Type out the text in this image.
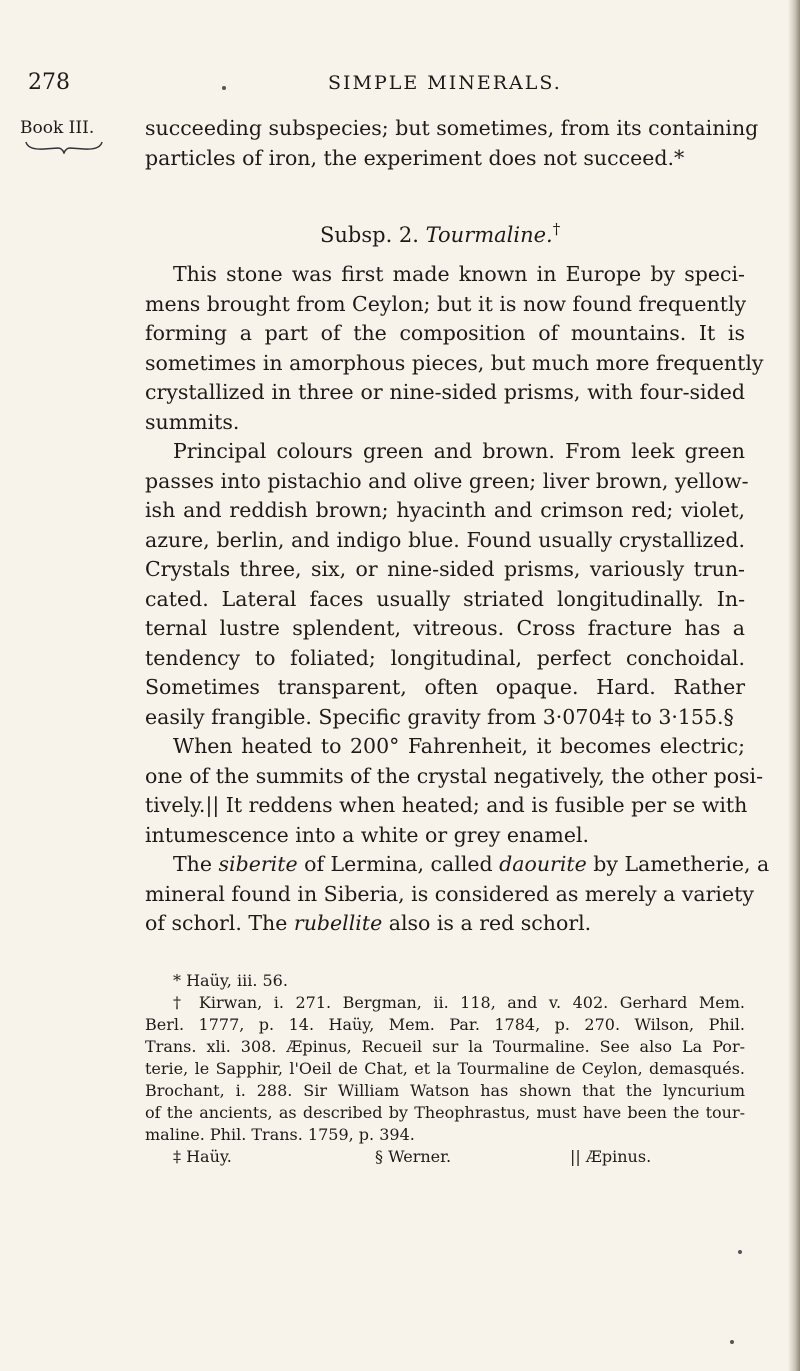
278	SIMPLE MINERALS.
Book III. succeeding subspecies; but sometimes, from its containing
particles of iron, the experiment does not succeed.*
Subsp. 2. Tourmaline.†
This stone was first made known in Europe by speci-
mens brought from Ceylon; but it is now found frequently
forming a part of the composition of mountains. It is
sometimes in amorphous pieces, but much more frequently
crystallized in three or nine-sided prisms, with four-sided
summits.
Principal colours green and brown. From leek green
passes into pistachio and olive green; liver brown, yellow-
ish and reddish brown; hyacinth and crimson red; violet,
azure, berlin, and indigo blue. Found usually crystallized.
Crystals three, six, or nine-sided prisms, variously trun-
cated. Lateral faces usually striated longitudinally. In-
ternal lustre splendent, vitreous. Cross fracture has a
tendency to foliated; longitudinal, perfect conchoidal.
Sometimes transparent, often opaque. Hard. Rather
easily frangible. Specific gravity from 3·0704‡ to 3·155.§
When heated to 200° Fahrenheit, it becomes electric;
one of the summits of the crystal negatively, the other posi-
tively.|| It reddens when heated; and is fusible per se with
intumescence into a white or grey enamel.
The siberite of Lermina, called daourite by Lametherie, a
mineral found in Siberia, is considered as merely a variety
of schorl. The rubellite also is a red schorl.
* Haüy, iii. 56.
† Kirwan, i. 271. Bergman, ii. 118, and v. 402. Gerhard Mem.
Berl. 1777, p. 14. Haüy, Mem. Par. 1784, p. 270. Wilson, Phil.
Trans. xli. 308. Æpinus, Recueil sur la Tourmaline. See also La Por-
terie, le Sapphir, l'Oeil de Chat, et la Tourmaline de Ceylon, demasqués.
Brochant, i. 288. Sir William Watson has shown that the lyncurium
of the ancients, as described by Theophrastus, must have been the tour-
maline. Phil. Trans. 1759, p. 394.
‡ Haüy.	§ Werner.	|| Æpinus.
